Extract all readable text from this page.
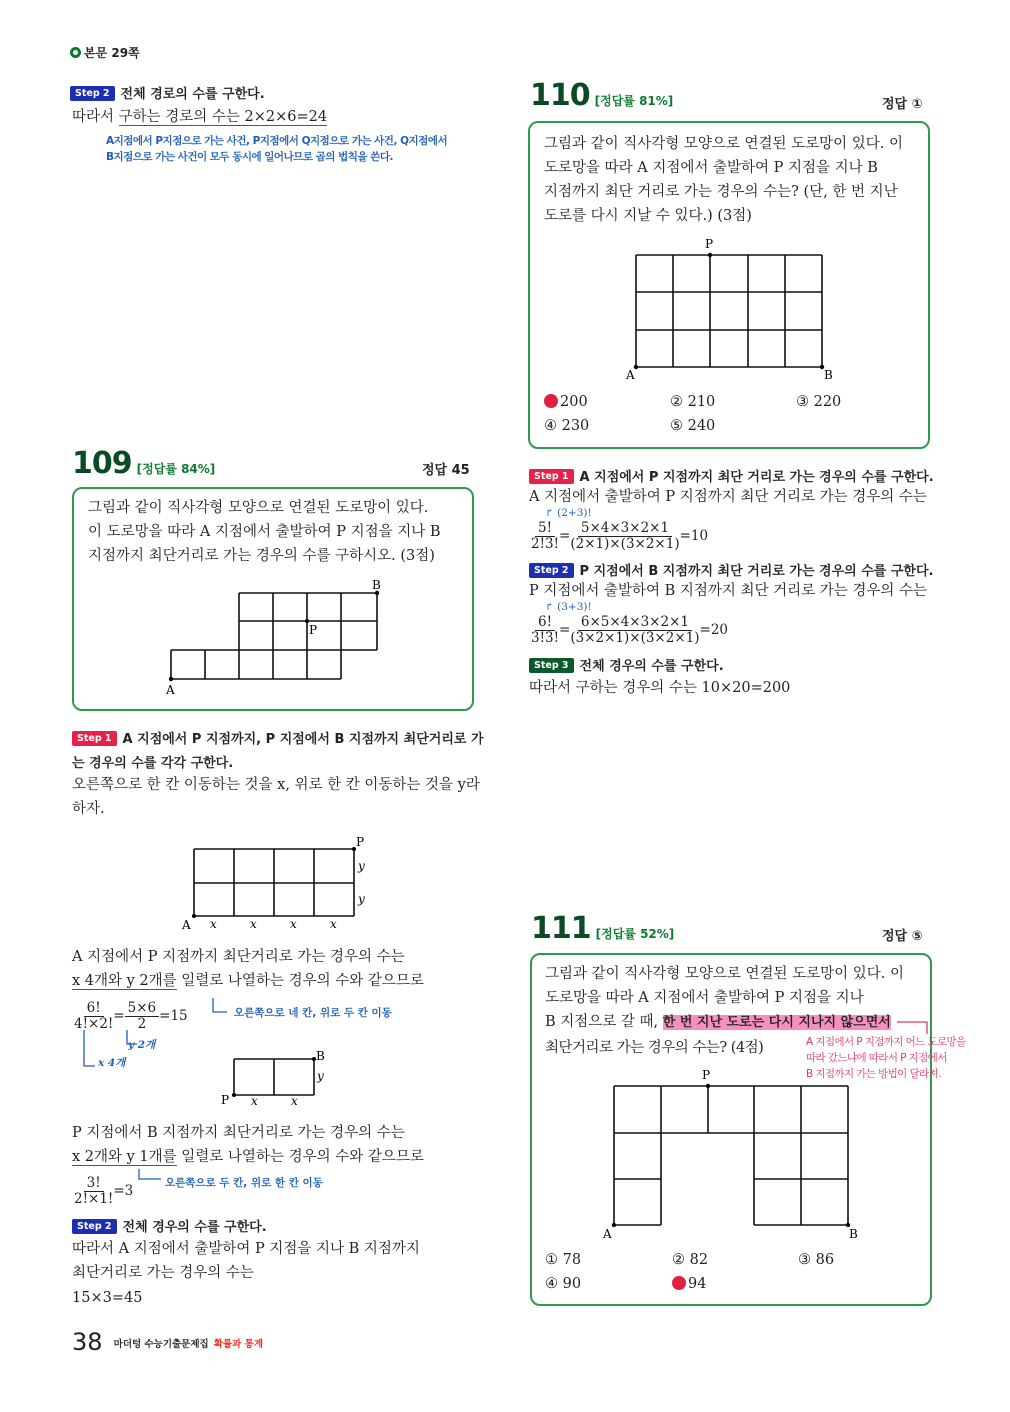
본문 29쪽
Step 2 전체 경로의 수를 구한다.
따라서 구하는 경로의 수는 2×2×6=24
A지점에서 P지점으로 가는 사건, P지점에서 Q지점으로 가는 사건, Q지점에서
B지점으로 가는 사건이 모두 동시에 일어나므로 곱의 법칙을 쓴다.
109 [정답률 84%]	정답 45
그림과 같이 직사각형 모양으로 연결된 도로망이 있다.
이 도로망을 따라 A 지점에서 출발하여 P 지점을 지나 B
지점까지 최단거리로 가는 경우의 수를 구하시오. (3점)
A
B
P
Step 1 A 지점에서 P 지점까지, P 지점에서 B 지점까지 최단거리로 가
는 경우의 수를 각각 구한다.
오른쪽으로 한 칸 이동하는 것을 x, 위로 한 칸 이동하는 것을 y라
하자.
A
P
y
y
x	x	x	x
A 지점에서 P 지점까지 최단거리로 가는 경우의 수는
x 4개와 y 2개를 일렬로 나열하는 경우의 수와 같으므로
$\frac{6!}{4!\times 2!} = \frac{5\times 6}{2} =15$	오른쪽으로 네 칸, 위로 두 칸 이동
y 2개
x 4개
P
B
y
x	x
P 지점에서 B 지점까지 최단거리로 가는 경우의 수는
x 2개와 y 1개를 일렬로 나열하는 경우의 수와 같으므로
$\frac{3!}{2!\times 1!} =3$	오른쪽으로 두 칸, 위로 한 칸 이동
Step 2 전체 경우의 수를 구한다.
따라서 A 지점에서 출발하여 P 지점을 지나 B 지점까지
최단거리로 가는 경우의 수는
15×3=45
38 마더텅 수능기출문제집 확률과 통계
110 [정답률 81%]	정답 ①
그림과 같이 직사각형 모양으로 연결된 도로망이 있다. 이
도로망을 따라 A 지점에서 출발하여 P 지점을 지나 B
지점까지 최단 거리로 가는 경우의 수는? (단, 한 번 지난
도로를 다시 지날 수 있다.) (3점)
P
A	B
200	② 210	③ 220
④ 230	⑤ 240
Step 1 A 지점에서 P 지점까지 최단 거리로 가는 경우의 수를 구한다.
A 지점에서 출발하여 P 지점까지 최단 거리로 가는 경우의 수는
↱ (2+3)!
$\frac{5!}{2!3!} = \frac{5\times 4\times 3\times 2\times 1}{(2\times 1)\times(3\times 2\times 1)} =10$
Step 2 P 지점에서 B 지점까지 최단 거리로 가는 경우의 수를 구한다.
P 지점에서 출발하여 B 지점까지 최단 거리로 가는 경우의 수는
↱ (3+3)!
$\frac{6!}{3!3!} = \frac{6\times 5\times 4\times 3\times 2\times 1}{(3\times 2\times 1)\times(3\times 2\times 1)} =20$
Step 3 전체 경우의 수를 구한다.
따라서 구하는 경우의 수는 10×20=200
111 [정답률 52%]	정답 ⑤
그림과 같이 직사각형 모양으로 연결된 도로망이 있다. 이
도로망을 따라 A 지점에서 출발하여 P 지점을 지나
B 지점으로 갈 때, 한 번 지난 도로는 다시 지나지 않으면서
최단거리로 가는 경우의 수는? (4점)	A 지점에서 P 지점까지 어느 도로망을
따라 갔느냐에 따라서 P 지점에서
B 지점까지 가는 방법이 달라져.
P
A	B
① 78	② 82	③ 86
④ 90	94
